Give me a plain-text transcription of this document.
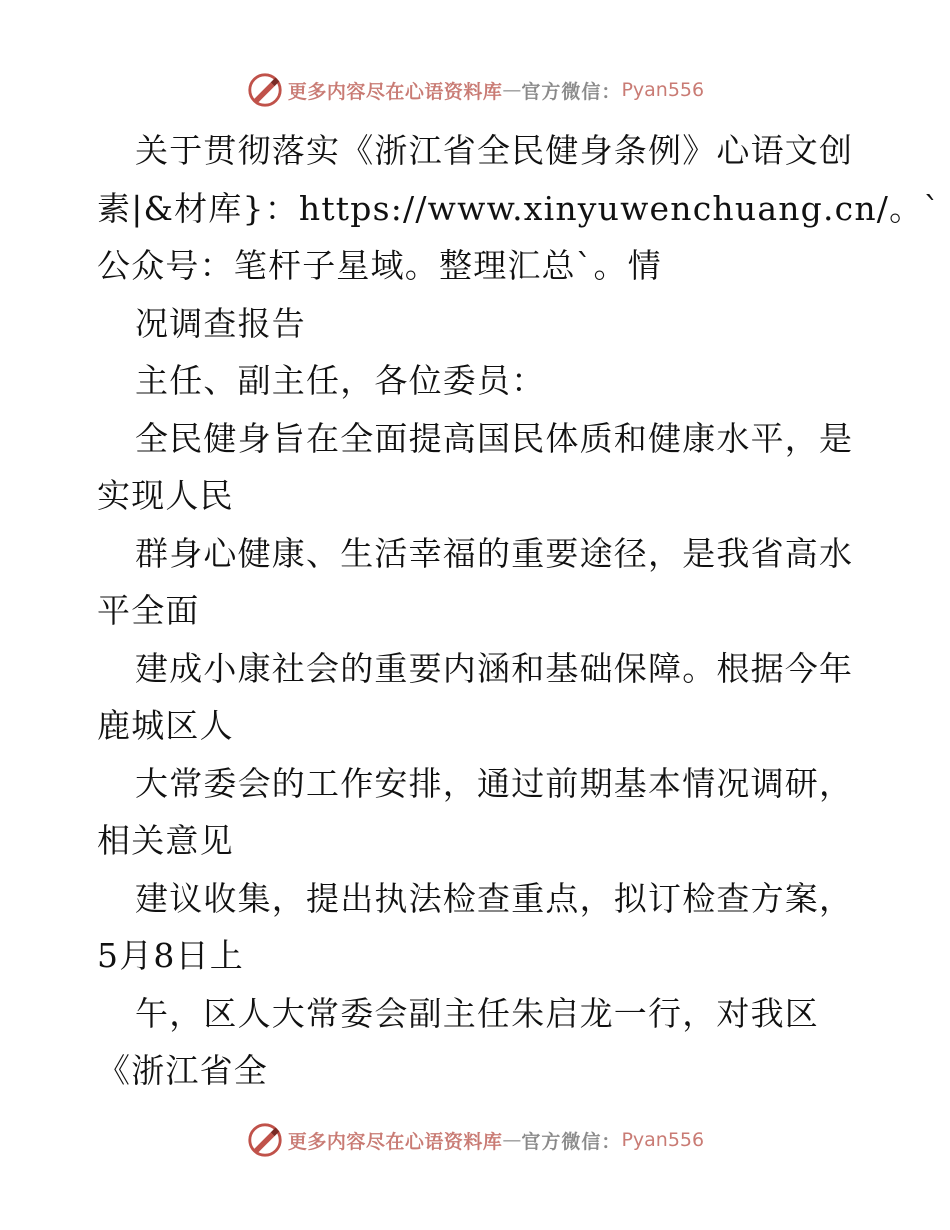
更多内容尽在心语资料库 — 官方微信： Pyan556
关于贯彻落实《浙江省全民健身条例》心语文创
素|&材库}：https://www.xinyuwenchuang.cn/。`
公众号：笔杆子星域。整理汇总`。情
况调查报告
主任、副主任，各位委员：
全民健身旨在全面提高国民体质和健康水平，是
实现人民
群身心健康、生活幸福的重要途径，是我省高水
平全面
建成小康社会的重要内涵和基础保障。根据今年
鹿城区人
大常委会的工作安排，通过前期基本情况调研，
相关意见
建议收集，提出执法检查重点，拟订检查方案，
5月8日上
午，区人大常委会副主任朱启龙一行，对我区
《浙江省全
更多内容尽在心语资料库 — 官方微信： Pyan556
